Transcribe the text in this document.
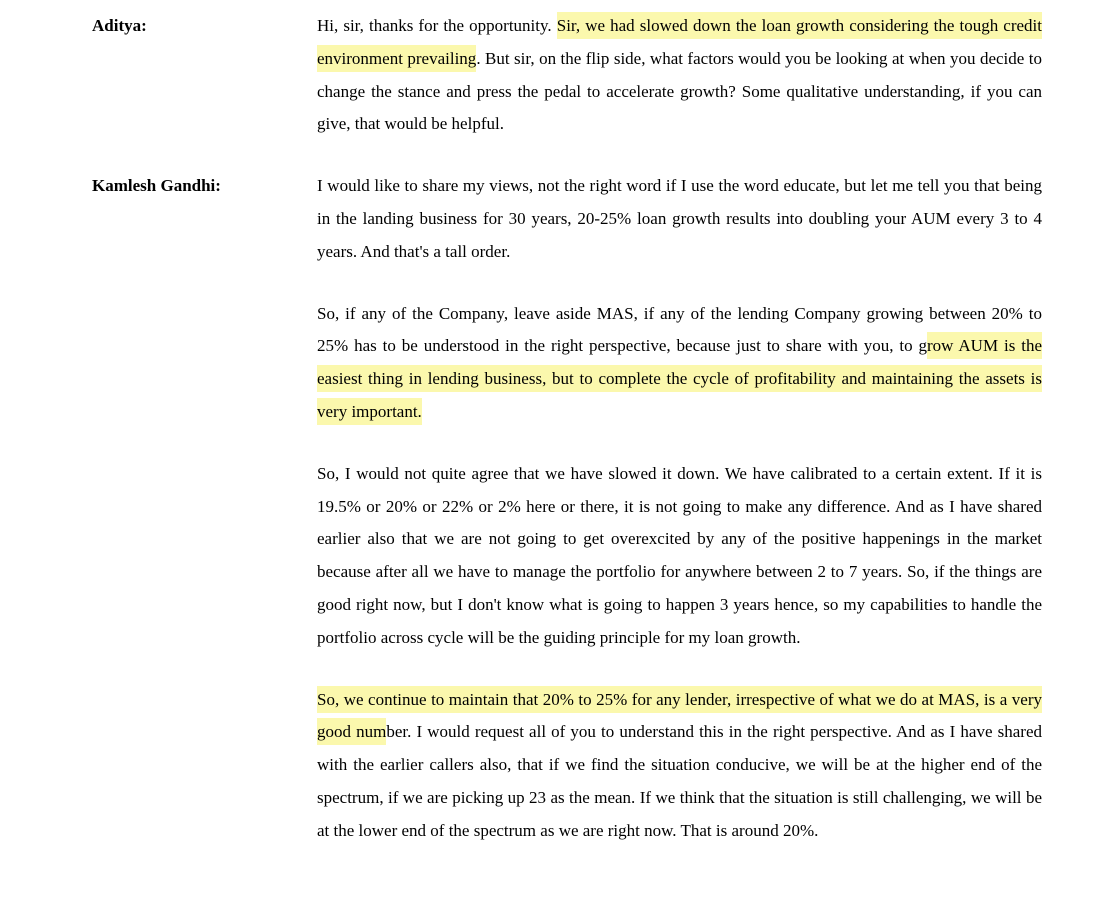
Aditya:	Hi, sir, thanks for the opportunity. Sir, we had slowed down the loan growth considering the tough credit environment prevailing. But sir, on the flip side, what factors would you be looking at when you decide to change the stance and press the pedal to accelerate growth? Some qualitative understanding, if you can give, that would be helpful.

Kamlesh Gandhi:	I would like to share my views, not the right word if I use the word educate, but let me tell you that being in the landing business for 30 years, 20-25% loan growth results into doubling your AUM every 3 to 4 years. And that's a tall order.

So, if any of the Company, leave aside MAS, if any of the lending Company growing between 20% to 25% has to be understood in the right perspective, because just to share with you, to grow AUM is the easiest thing in lending business, but to complete the cycle of profitability and maintaining the assets is very important.

So, I would not quite agree that we have slowed it down. We have calibrated to a certain extent. If it is 19.5% or 20% or 22% or 2% here or there, it is not going to make any difference. And as I have shared earlier also that we are not going to get overexcited by any of the positive happenings in the market because after all we have to manage the portfolio for anywhere between 2 to 7 years. So, if the things are good right now, but I don't know what is going to happen 3 years hence, so my capabilities to handle the portfolio across cycle will be the guiding principle for my loan growth.

So, we continue to maintain that 20% to 25% for any lender, irrespective of what we do at MAS, is a very good number. I would request all of you to understand this in the right perspective. And as I have shared with the earlier callers also, that if we find the situation conducive, we will be at the higher end of the spectrum, if we are picking up 23 as the mean. If we think that the situation is still challenging, we will be at the lower end of the spectrum as we are right now. That is around 20%.
